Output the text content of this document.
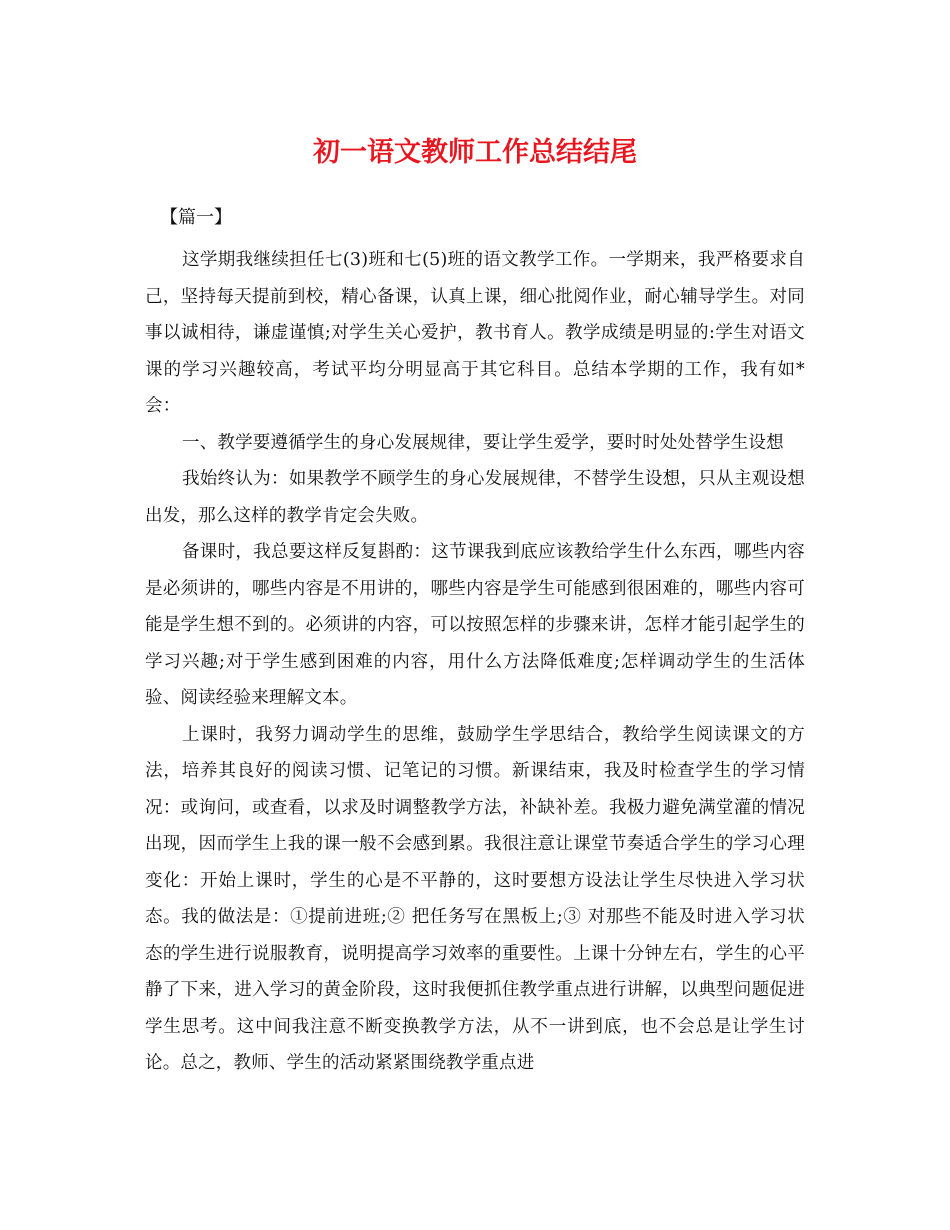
初一语文教师工作总结结尾
【篇一】

这学期我继续担任七(3)班和七(5)班的语文教学工作。一学期来，我严格要求自己，坚持每天提前到校，精心备课，认真上课，细心批阅作业，耐心辅导学生。对同事以诚相待，谦虚谨慎;对学生关心爱护，教书育人。教学成绩是明显的:学生对语文课的学习兴趣较高，考试平均分明显高于其它科目。总结本学期的工作，我有如*会：

一、教学要遵循学生的身心发展规律，要让学生爱学，要时时处处替学生设想

我始终认为：如果教学不顾学生的身心发展规律，不替学生设想，只从主观设想出发，那么这样的教学肯定会失败。

备课时，我总要这样反复斟酌：这节课我到底应该教给学生什么东西，哪些内容是必须讲的，哪些内容是不用讲的，哪些内容是学生可能感到很困难的，哪些内容可能是学生想不到的。必须讲的内容，可以按照怎样的步骤来讲，怎样才能引起学生的学习兴趣;对于学生感到困难的内容，用什么方法降低难度;怎样调动学生的生活体验、阅读经验来理解文本。

上课时，我努力调动学生的思维，鼓励学生学思结合，教给学生阅读课文的方法，培养其良好的阅读习惯、记笔记的习惯。新课结束，我及时检查学生的学习情况：或询问，或查看，以求及时调整教学方法，补缺补差。我极力避免满堂灌的情况出现，因而学生上我的课一般不会感到累。我很注意让课堂节奏适合学生的学习心理变化：开始上课时，学生的心是不平静的，这时要想方设法让学生尽快进入学习状态。我的做法是：①提前进班;② 把任务写在黑板上;③ 对那些不能及时进入学习状态的学生进行说服教育，说明提高学习效率的重要性。上课十分钟左右，学生的心平静了下来，进入学习的黄金阶段，这时我便抓住教学重点进行讲解，以典型问题促进学生思考。这中间我注意不断变换教学方法，从不一讲到底，也不会总是让学生讨论。总之，教师、学生的活动紧紧围绕教学重点进
